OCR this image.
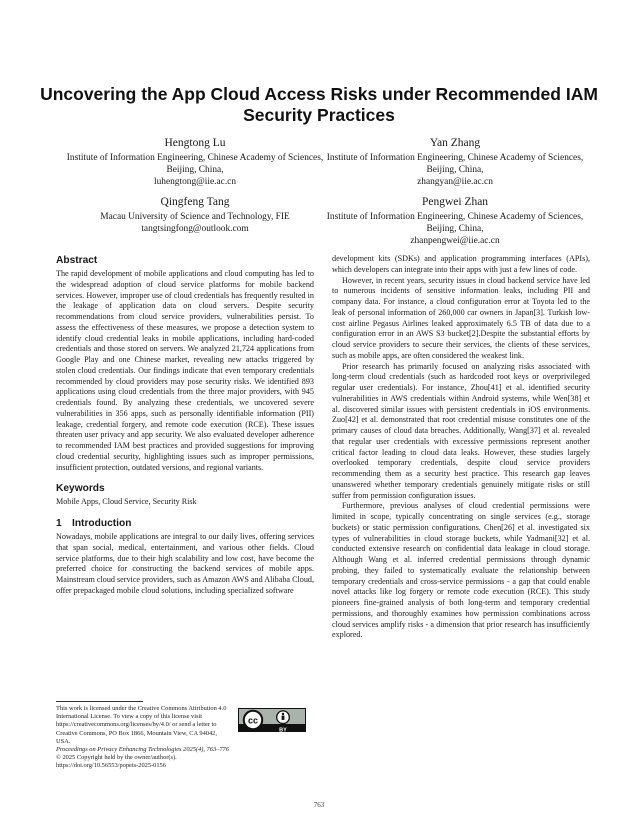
Uncovering the App Cloud Access Risks under Recommended IAM Security Practices
Hengtong Lu
Institute of Information Engineering, Chinese Academy of Sciences, Beijing, China,
luhengtong@iie.ac.cn
Yan Zhang
Institute of Information Engineering, Chinese Academy of Sciences, Beijing, China,
zhangyan@iie.ac.cn
Qingfeng Tang
Macau University of Science and Technology, FIE
tangtsingfong@outlook.com
Pengwei Zhan
Institute of Information Engineering, Chinese Academy of Sciences, Beijing, China,
zhanpengwei@iie.ac.cn
Abstract

The rapid development of mobile applications and cloud computing has led to the widespread adoption of cloud service platforms for mobile backend services. However, improper use of cloud credentials has frequently resulted in the leakage of application data on cloud servers. Despite security recommendations from cloud service providers, vulnerabilities persist. To assess the effectiveness of these measures, we propose a detection system to identify cloud credential leaks in mobile applications, including hard-coded credentials and those stored on servers. We analyzed 21,724 applications from Google Play and one Chinese market, revealing new attacks triggered by stolen cloud credentials. Our findings indicate that even temporary credentials recommended by cloud providers may pose security risks. We identified 893 applications using cloud credentials from the three major providers, with 945 credentials found. By analyzing these credentials, we uncovered severe vulnerabilities in 356 apps, such as personally identifiable information (PII) leakage, credential forgery, and remote code execution (RCE). These issues threaten user privacy and app security. We also evaluated developer adherence to recommended IAM best practices and provided suggestions for improving cloud credential security, highlighting issues such as improper permissions, insufficient protection, outdated versions, and regional variants.

Keywords

Mobile Apps, Cloud Service, Security Risk

1 Introduction

Nowadays, mobile applications are integral to our daily lives, offering services that span social, medical, entertainment, and various other fields. Cloud service platforms, due to their high scalability and low cost, have become the preferred choice for constructing the backend services of mobile apps. Mainstream cloud service providers, such as Amazon AWS and Alibaba Cloud, offer prepackaged mobile cloud solutions, including specialized software

development kits (SDKs) and application programming interfaces (APIs), which developers can integrate into their apps with just a few lines of code.

However, in recent years, security issues in cloud backend service have led to numerous incidents of sensitive information leaks, including PII and company data. For instance, a cloud configuration error at Toyota led to the leak of personal information of 260,000 car owners in Japan[3]. Turkish low-cost airline Pegasus Airlines leaked approximately 6.5 TB of data due to a configuration error in an AWS S3 bucket[2].Despite the substantial efforts by cloud service providers to secure their services, the clients of these services, such as mobile apps, are often considered the weakest link.

Prior research has primarily focused on analyzing risks associated with long-term cloud credentials (such as hardcoded root keys or overprivileged regular user credentials). For instance, Zhou[41] et al. identified security vulnerabilities in AWS credentials within Android systems, while Wen[38] et al. discovered similar issues with persistent credentials in iOS environments. Zuo[42] et al. demonstrated that root credential misuse constitutes one of the primary causes of cloud data breaches. Additionally, Wang[37] et al. revealed that regular user credentials with excessive permissions represent another critical factor leading to cloud data leaks. However, these studies largely overlooked temporary credentials, despite cloud service providers recommending them as a security best practice. This research gap leaves unanswered whether temporary credentials genuinely mitigate risks or still suffer from permission configuration issues.

Furthermore, previous analyses of cloud credential permissions were limited in scope, typically concentrating on single services (e.g., storage buckets) or static permission configurations. Chen[26] et al. investigated six types of vulnerabilities in cloud storage buckets, while Yadmani[32] et al. conducted extensive research on confidential data leakage in cloud storage. Although Wang et al. inferred credential permissions through dynamic probing, they failed to systematically evaluate the relationship between temporary credentials and cross-service permissions - a gap that could enable novel attacks like log forgery or remote code execution (RCE). This study pioneers fine-grained analysis of both long-term and temporary credential permissions, and thoroughly examines how permission combinations across cloud services amplify risks - a dimension that prior research has insufficiently explored.

This work is licensed under the Creative Commons Attribution 4.0 International License. To view a copy of this license visit https://creativecommons.org/licenses/by/4.0/ or send a letter to Creative Commons, PO Box 1866, Mountain View, CA 94042, USA.
Proceedings on Privacy Enhancing Technologies 2025(4), 763–776
© 2025 Copyright held by the owner/author(s).
https://doi.org/10.56553/popets-2025-0156
cc
BY
763
